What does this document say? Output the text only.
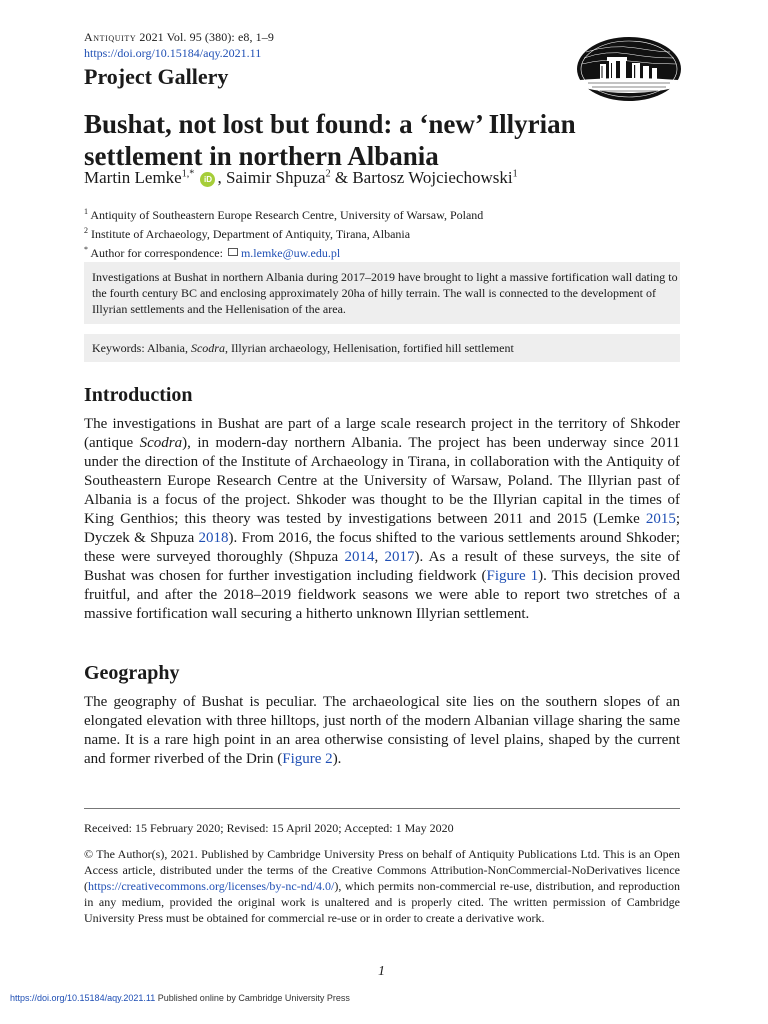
Antiquity 2021 Vol. 95 (380): e8, 1–9
https://doi.org/10.15184/aqy.2021.11
Project Gallery
Bushat, not lost but found: a ‘new’ Illyrian settlement in northern Albania
Martin Lemke$^{1,*}$ iD , Saimir Shpuza$^2$ & Bartosz Wojciechowski$^1$
$^1$ Antiquity of Southeastern Europe Research Centre, University of Warsaw, Poland
$^2$ Institute of Archaeology, Department of Antiquity, Tirana, Albania
* Author for correspondence: m.lemke@uw.edu.pl
Investigations at Bushat in northern Albania during 2017–2019 have brought to light a massive fortification wall dating to the fourth century BC and enclosing approximately 20ha of hilly terrain. The wall is connected to the development of Illyrian settlements and the Hellenisation of the area.
Keywords: Albania, Scodra, Illyrian archaeology, Hellenisation, fortified hill settlement
Introduction
The investigations in Bushat are part of a large scale research project in the territory of Shkoder (antique Scodra), in modern-day northern Albania. The project has been underway since 2011 under the direction of the Institute of Archaeology in Tirana, in collaboration with the Antiquity of Southeastern Europe Research Centre at the University of Warsaw, Poland. The Illyrian past of Albania is a focus of the project. Shkoder was thought to be the Illyrian capital in the times of King Genthios; this theory was tested by investigations between 2011 and 2015 (Lemke 2015; Dyczek & Shpuza 2018). From 2016, the focus shifted to the various settlements around Shkoder; these were surveyed thoroughly (Shpuza 2014, 2017). As a result of these surveys, the site of Bushat was chosen for further investigation including fieldwork (Figure 1). This decision proved fruitful, and after the 2018–2019 fieldwork seasons we were able to report two stretches of a massive fortification wall securing a hitherto unknown Illyrian settlement.
Geography
The geography of Bushat is peculiar. The archaeological site lies on the southern slopes of an elongated elevation with three hilltops, just north of the modern Albanian village sharing the same name. It is a rare high point in an area otherwise consisting of level plains, shaped by the current and former riverbed of the Drin (Figure 2).
Received: 15 February 2020; Revised: 15 April 2020; Accepted: 1 May 2020
© The Author(s), 2021. Published by Cambridge University Press on behalf of Antiquity Publications Ltd. This is an Open Access article, distributed under the terms of the Creative Commons Attribution-NonCommercial-NoDerivatives licence (https://creativecommons.org/licenses/by-nc-nd/4.0/), which permits non-commercial re-use, distribution, and reproduction in any medium, provided the original work is unaltered and is properly cited. The written permission of Cambridge University Press must be obtained for commercial re-use or in order to create a derivative work.
1
https://doi.org/10.15184/aqy.2021.11 Published online by Cambridge University Press
